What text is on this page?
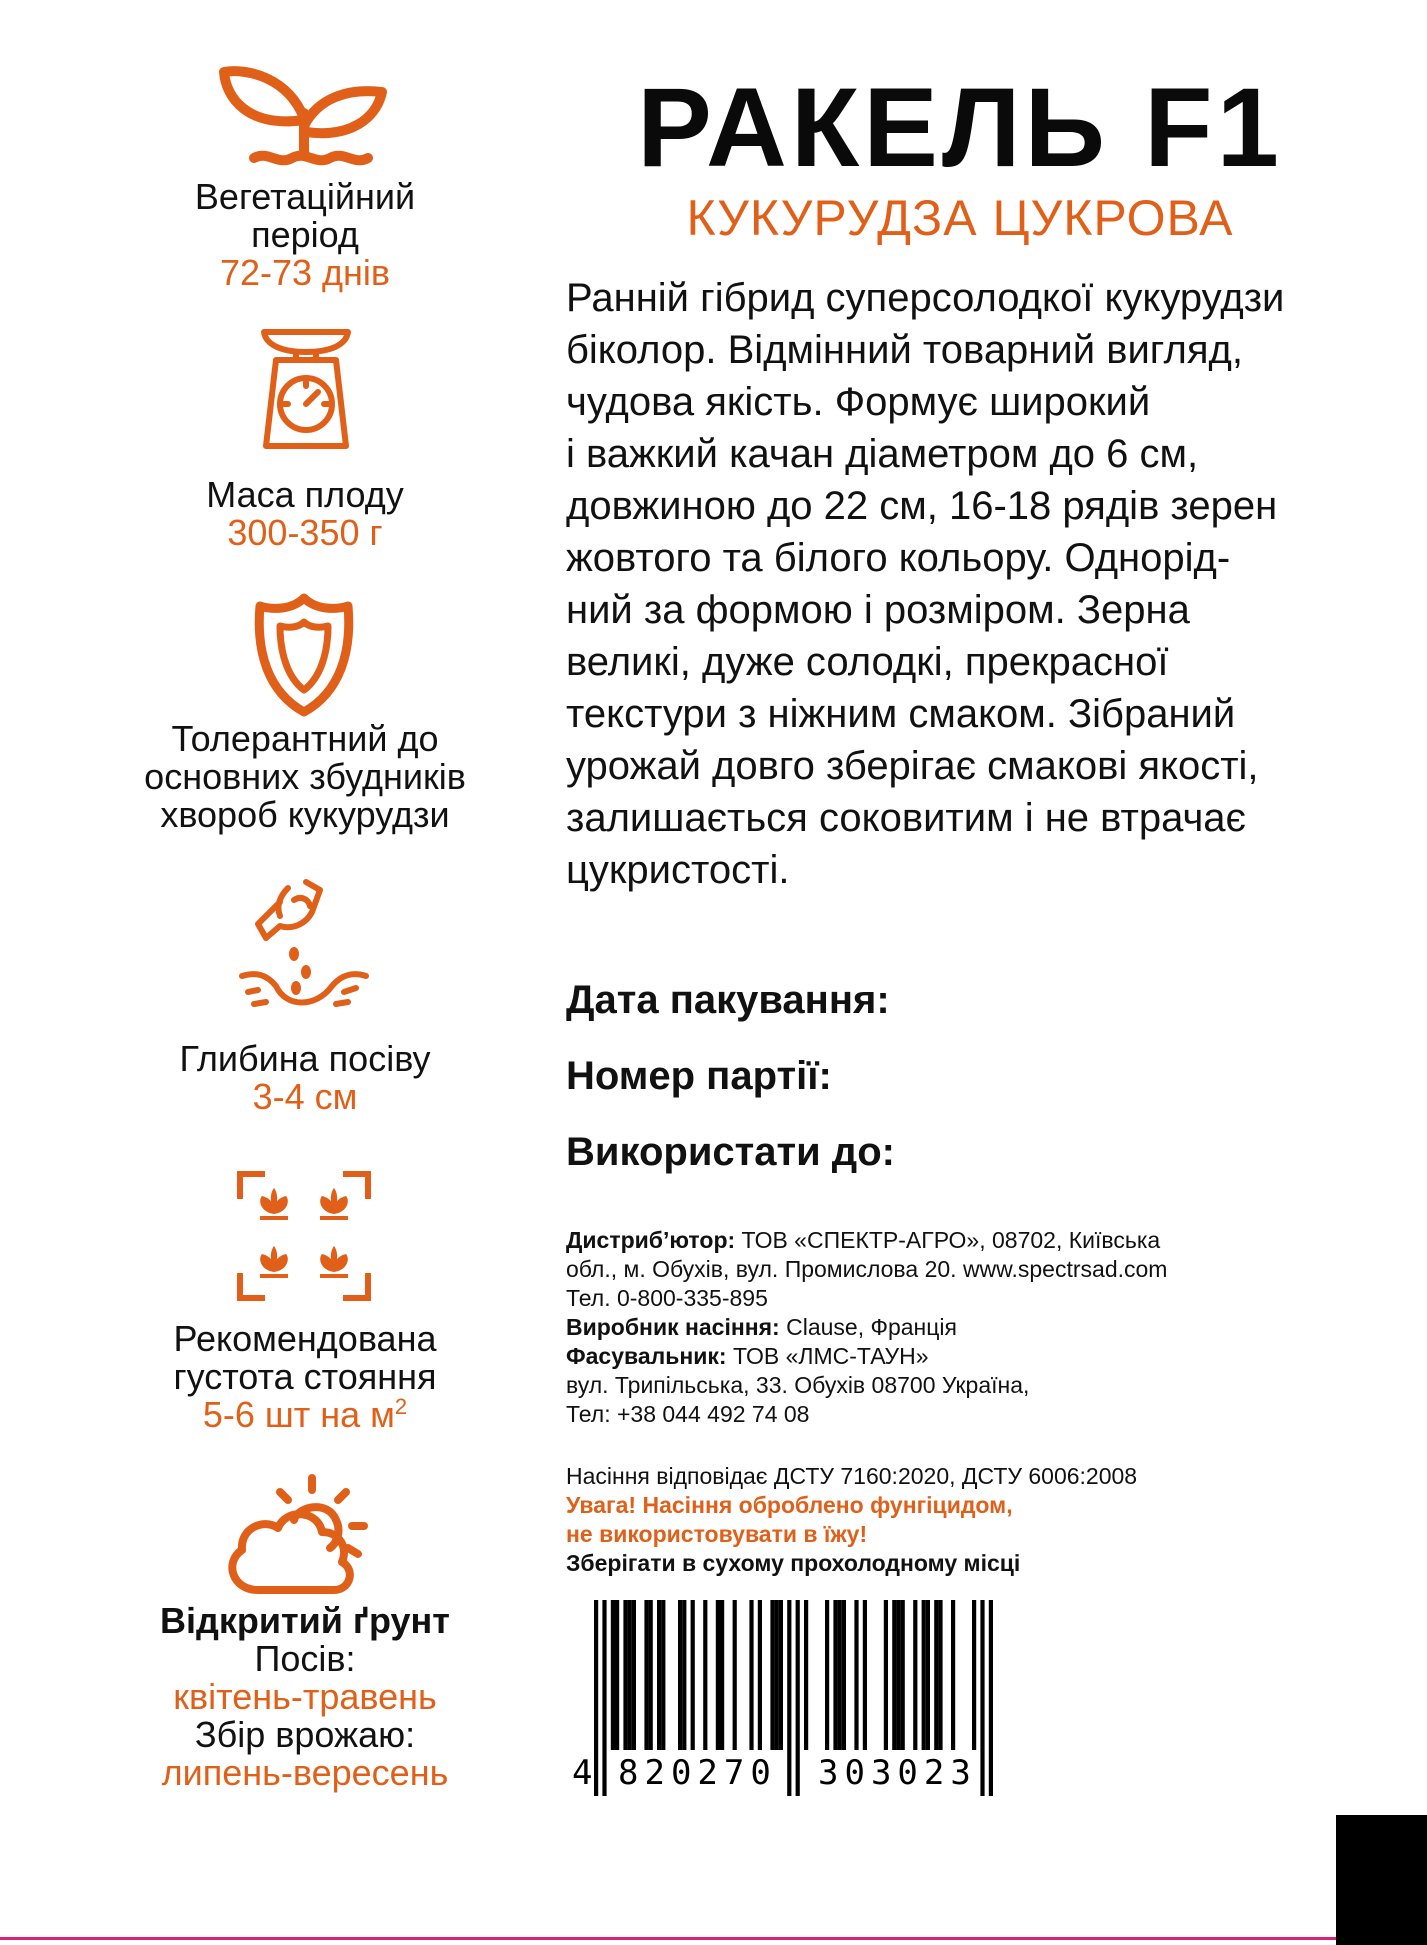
Вегетаційний
період
72-73 днів
Маса плоду
300-350 г
Толерантний до
основних збудників
хвороб кукурудзи
Глибина посіву
3-4 см
Рекомендована
густота стояння
5-6 шт на $м^2$
Відкритий ґрунт
Посів:
квітень-травень
Збір врожаю:
липень-вересень
РАКЕЛЬ F1
КУКУРУДЗА ЦУКРОВА

Ранній гібрид суперсолодкої кукурудзи

біколор. Відмінний товарний вигляд,

чудова якість. Формує широкий

і важкий качан діаметром до 6 см,

довжиною до 22 см, 16-18 рядів зерен

жовтого та білого кольору. Однорід-

ний за формою і розміром. Зерна

великі, дуже солодкі, прекрасної

текстури з ніжним смаком. Зібраний

урожай довго зберігає смакові якості,

залишається соковитим і не втрачає

цукристості.

Дата пакування:
Номер партії:
Використати до:
Дистриб’ютор: ТОВ «СПЕКТР-АГРО», 08702, Київська
обл., м. Обухів, вул. Промислова 20. www.spectrsad.com
Тел. 0-800-335-895
Виробник насіння: Clause, Франція
Фасувальник: ТОВ «ЛМС-ТАУН»
вул. Трипільська, 33. Обухів 08700 Україна,
Тел: +38 044 492 74 08
Насіння відповідає ДСТУ 7160:2020, ДСТУ 6006:2008
Увага! Насіння оброблено фунгіцидом,
не використовувати в їжу!
Зберігати в сухому прохолодному місці
4 820270 303023
